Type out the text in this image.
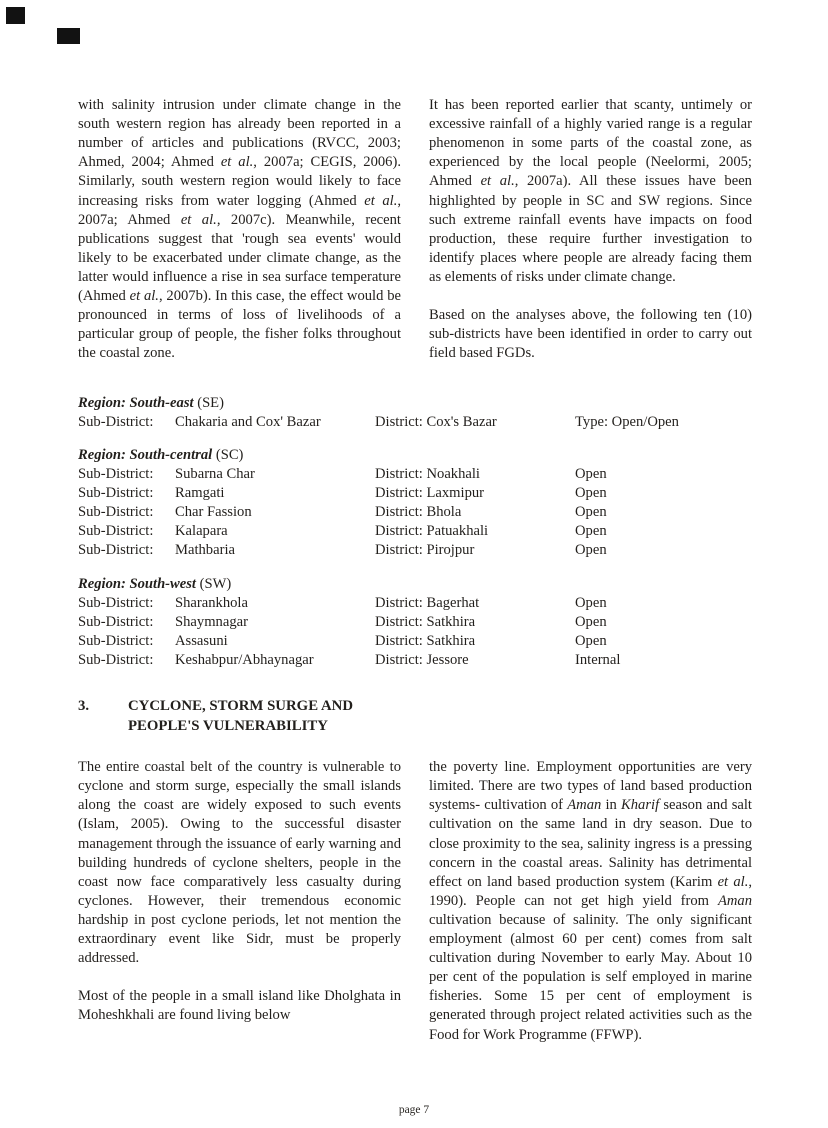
with salinity intrusion under climate change in the south western region has already been reported in a number of articles and publications (RVCC, 2003; Ahmed, 2004; Ahmed et al., 2007a; CEGIS, 2006). Similarly, south western region would likely to face increasing risks from water logging (Ahmed et al., 2007a; Ahmed et al., 2007c). Meanwhile, recent publications suggest that 'rough sea events' would likely to be exacerbated under climate change, as the latter would influence a rise in sea surface temperature (Ahmed et al., 2007b). In this case, the effect would be pronounced in terms of loss of livelihoods of a particular group of people, the fisher folks throughout the coastal zone.

It has been reported earlier that scanty, untimely or excessive rainfall of a highly varied range is a regular phenomenon in some parts of the coastal zone, as experienced by the local people (Neelormi, 2005; Ahmed et al., 2007a). All these issues have been highlighted by people in SC and SW regions. Since such extreme rainfall events have impacts on food production, these require further investigation to identify places where people are already facing them as elements of risks under climate change.

Based on the analyses above, the following ten (10) sub-districts have been identified in order to carry out field based FGDs.

Region: South-east (SE)
Sub-District:	Chakaria and Cox' Bazar	District: Cox's Bazar	Type: Open/Open
Region: South-central (SC)
Sub-District:	Subarna Char	District: Noakhali	Open
Sub-District:	Ramgati	District: Laxmipur	Open
Sub-District:	Char Fassion	District: Bhola	Open
Sub-District:	Kalapara	District: Patuakhali	Open
Sub-District:	Mathbaria	District: Pirojpur	Open
Region: South-west (SW)
Sub-District:	Sharankhola	District: Bagerhat	Open
Sub-District:	Shaymnagar	District: Satkhira	Open
Sub-District:	Assasuni	District: Satkhira	Open
Sub-District:	Keshabpur/Abhaynagar	District: Jessore	Internal
3.	CYCLONE, STORM SURGE AND PEOPLE'S VULNERABILITY

The entire coastal belt of the country is vulnerable to cyclone and storm surge, especially the small islands along the coast are widely exposed to such events (Islam, 2005). Owing to the successful disaster management through the issuance of early warning and building hundreds of cyclone shelters, people in the coast now face comparatively less casualty during cyclones. However, their tremendous economic hardship in post cyclone periods, let not mention the extraordinary event like Sidr, must be properly addressed.

Most of the people in a small island like Dholghata in Moheshkhali are found living below

the poverty line. Employment opportunities are very limited. There are two types of land based production systems- cultivation of Aman in Kharif season and salt cultivation on the same land in dry season. Due to close proximity to the sea, salinity ingress is a pressing concern in the coastal areas. Salinity has detrimental effect on land based production system (Karim et al., 1990). People can not get high yield from Aman cultivation because of salinity. The only significant employment (almost 60 per cent) comes from salt cultivation during November to early May. About 10 per cent of the population is self employed in marine fisheries. Some 15 per cent of employment is generated through project related activities such as the Food for Work Programme (FFWP).

page 7
